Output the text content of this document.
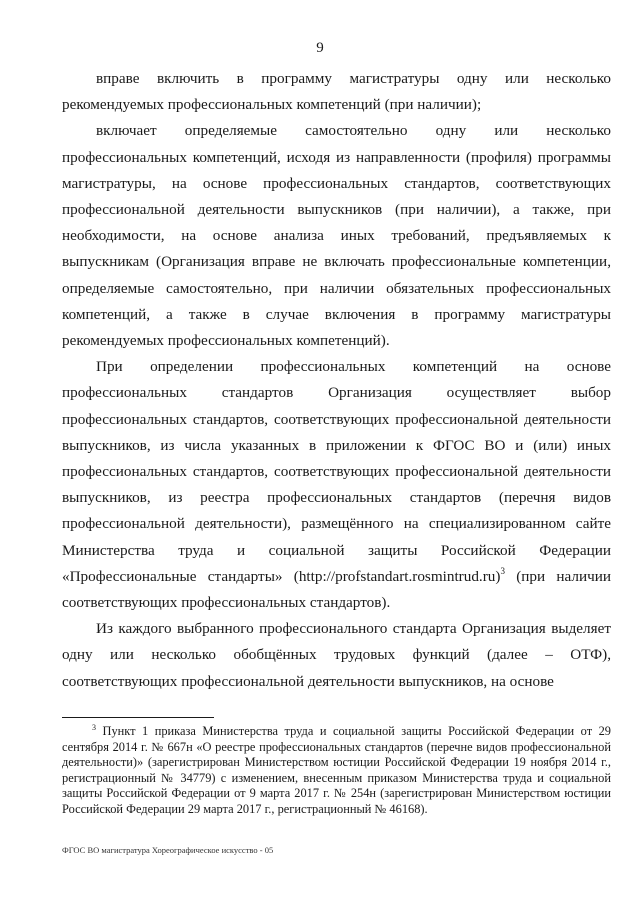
9

вправе включить в программу магистратуры одну или несколько рекомендуемых профессиональных компетенций (при наличии);

включает определяемые самостоятельно одну или несколько профессиональных компетенций, исходя из направленности (профиля) программы магистратуры, на основе профессиональных стандартов, соответствующих профессиональной деятельности выпускников (при наличии), а также, при необходимости, на основе анализа иных требований, предъявляемых к выпускникам (Организация вправе не включать профессиональные компетенции, определяемые самостоятельно, при наличии обязательных профессиональных компетенций, а также в случае включения в программу магистратуры рекомендуемых профессиональных компетенций).

При определении профессиональных компетенций на основе профессиональных стандартов Организация осуществляет выбор профессиональных стандартов, соответствующих профессиональной деятельности выпускников, из числа указанных в приложении к ФГОС ВО и (или) иных профессиональных стандартов, соответствующих профессиональной деятельности выпускников, из реестра профессиональных стандартов (перечня видов профессиональной деятельности), размещённого на специализированном сайте Министерства труда и социальной защиты Российской Федерации «Профессиональные стандарты» (http://profstandart.rosmintrud.ru)$^3$ (при наличии соответствующих профессиональных стандартов).

Из каждого выбранного профессионального стандарта Организация выделяет одну или несколько обобщённых трудовых функций (далее – ОТФ), соответствующих профессиональной деятельности выпускников, на основе

$^3$ Пункт 1 приказа Министерства труда и социальной защиты Российской Федерации от 29 сентября 2014 г. № 667н «О реестре профессиональных стандартов (перечне видов профессиональной деятельности)» (зарегистрирован Министерством юстиции Российской Федерации 19 ноября 2014 г., регистрационный № 34779) с изменением, внесенным приказом Министерства труда и социальной защиты Российской Федерации от 9 марта 2017 г. № 254н (зарегистрирован Министерством юстиции Российской Федерации 29 марта 2017 г., регистрационный № 46168).

ФГОС ВО магистратура Хореографическое искусство - 05
